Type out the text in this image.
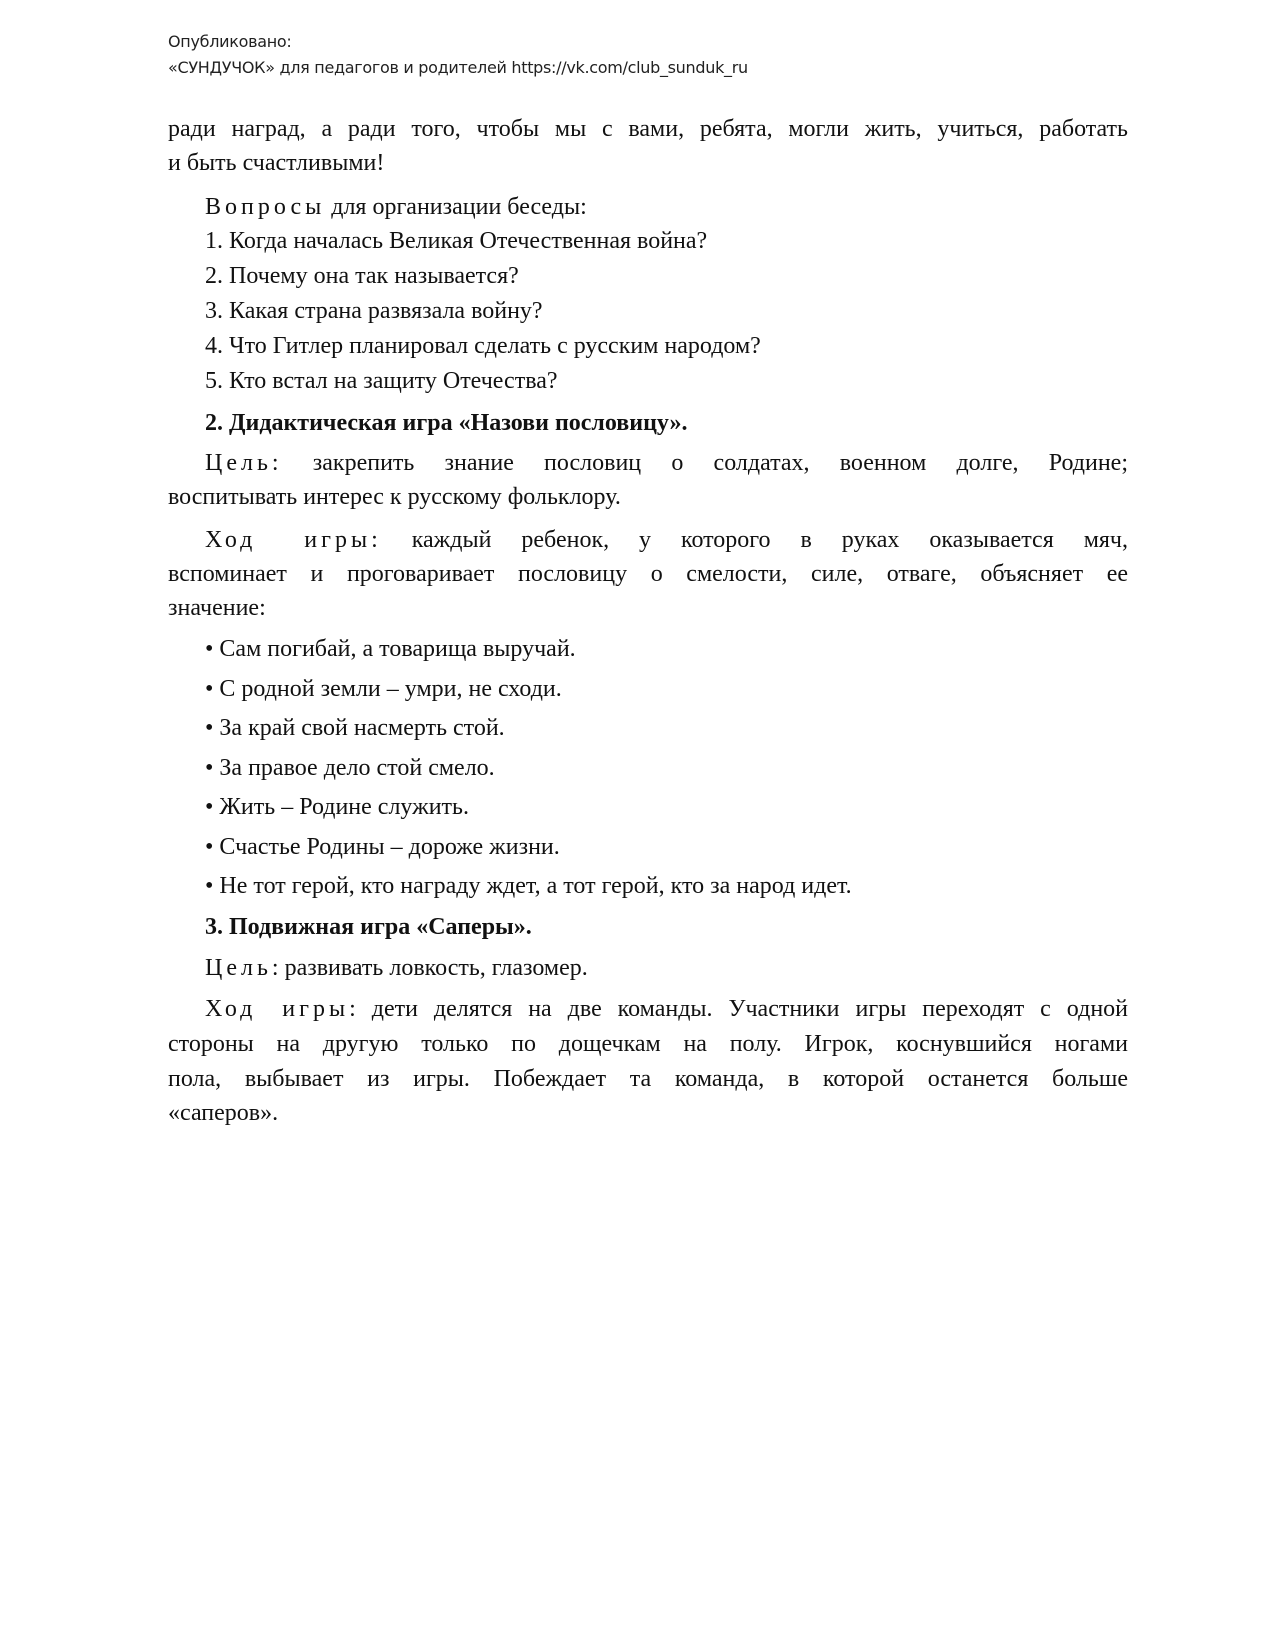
Опубликовано:
«СУНДУЧОК» для педагогов и родителей https://vk.com/club_sunduk_ru
ради наград, а ради того, чтобы мы с вами, ребята, могли жить, учиться, работать
и быть счастливыми!
Вопросы для организации беседы:
1. Когда началась Великая Отечественная война?
2. Почему она так называется?
3. Какая страна развязала войну?
4. Что Гитлер планировал сделать с русским народом?
5. Кто встал на защиту Отечества?
2. Дидактическая игра «Назови пословицу».
Цель: закрепить знание пословиц о солдатах, военном долге, Родине;
воспитывать интерес к русскому фольклору.
Ход игры: каждый ребенок, у которого в руках оказывается мяч,
вспоминает и проговаривает пословицу о смелости, силе, отваге, объясняет ее
значение:
• Сам погибай, а товарища выручай.
• С родной земли – умри, не сходи.
• За край свой насмерть стой.
• За правое дело стой смело.
• Жить – Родине служить.
• Счастье Родины – дороже жизни.
• Не тот герой, кто награду ждет, а тот герой, кто за народ идет.
3. Подвижная игра «Саперы».
Цель: развивать ловкость, глазомер.
Ход игры: дети делятся на две команды. Участники игры переходят с одной
стороны на другую только по дощечкам на полу. Игрок, коснувшийся ногами
пола, выбывает из игры. Побеждает та команда, в которой останется больше
«саперов».
